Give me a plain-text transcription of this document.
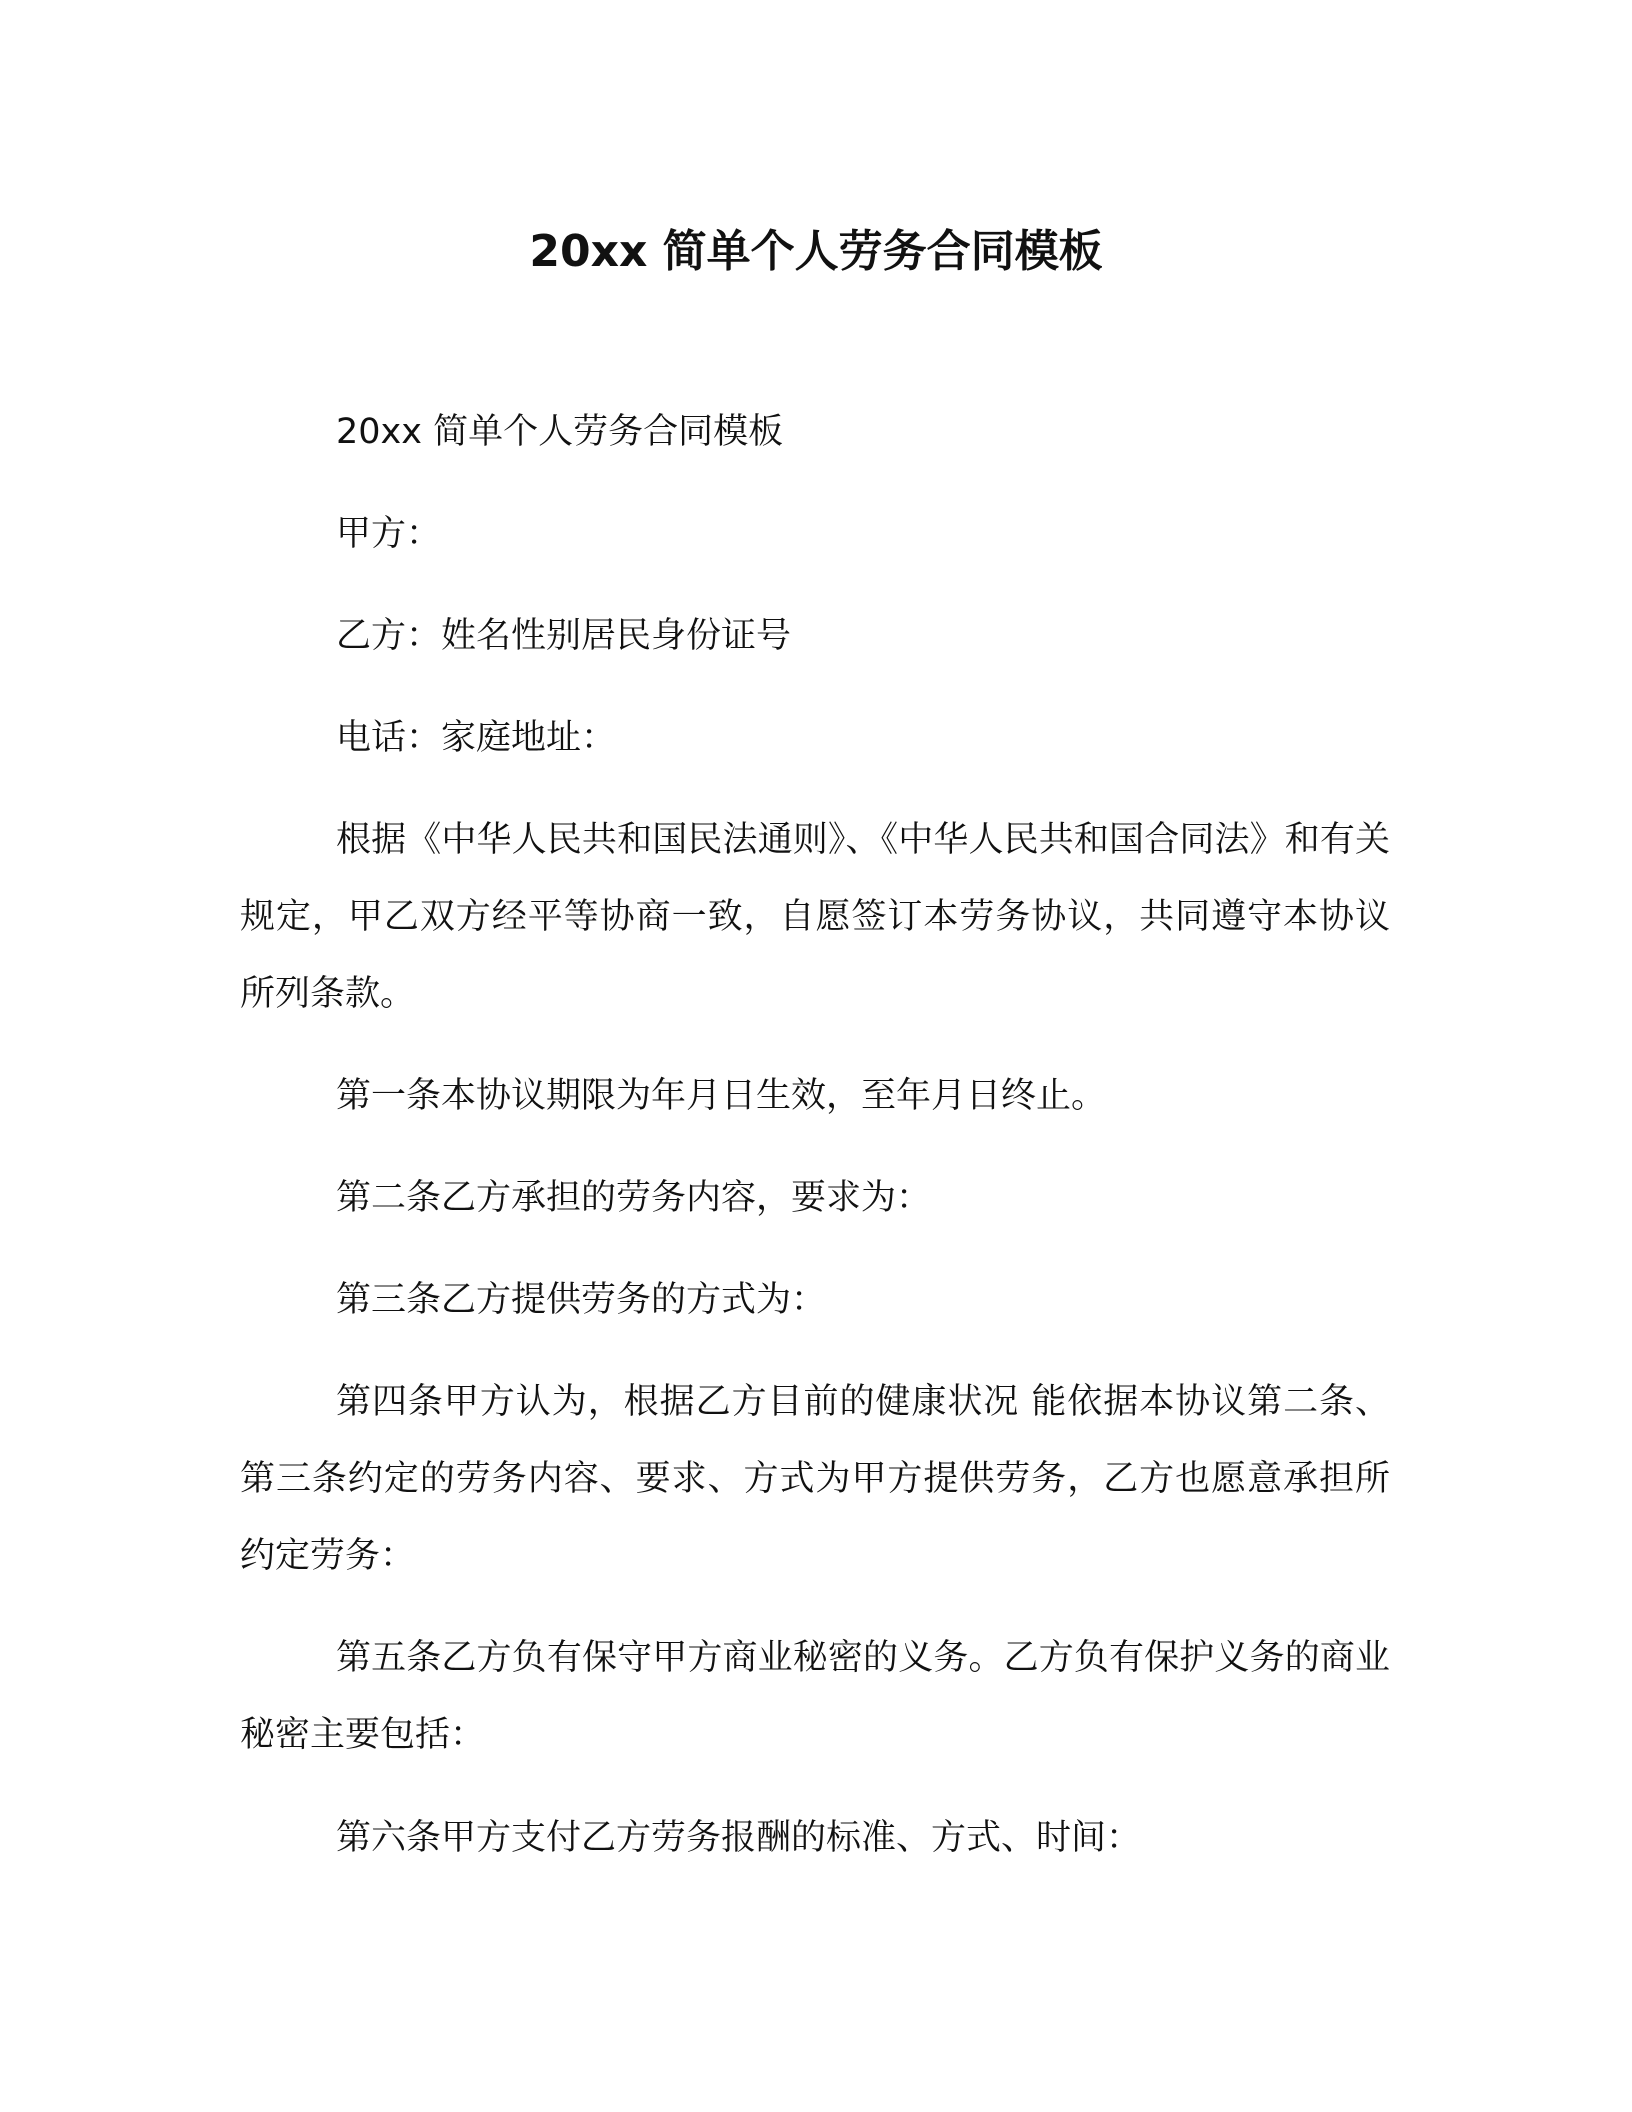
20xx 简单个人劳务合同模板
20xx 简单个人劳务合同模板
甲方：
乙方：姓名性别居民身份证号
电话：家庭地址：
根据《中华人民共和国民法通则》、《中华人民共和国合同法》和有关规定，甲乙双方经平等协商一致，自愿签订本劳务协议，共同遵守本协议所列条款。
第一条本协议期限为年月日生效，至年月日终止。
第二条乙方承担的劳务内容，要求为：
第三条乙方提供劳务的方式为：
第四条甲方认为，根据乙方目前的健康状况 能依据本协议第二条、第三条约定的劳务内容、要求、方式为甲方提供劳务，乙方也愿意承担所约定劳务：
第五条乙方负有保守甲方商业秘密的义务。乙方负有保护义务的商业秘密主要包括：
第六条甲方支付乙方劳务报酬的标准、方式、时间：
